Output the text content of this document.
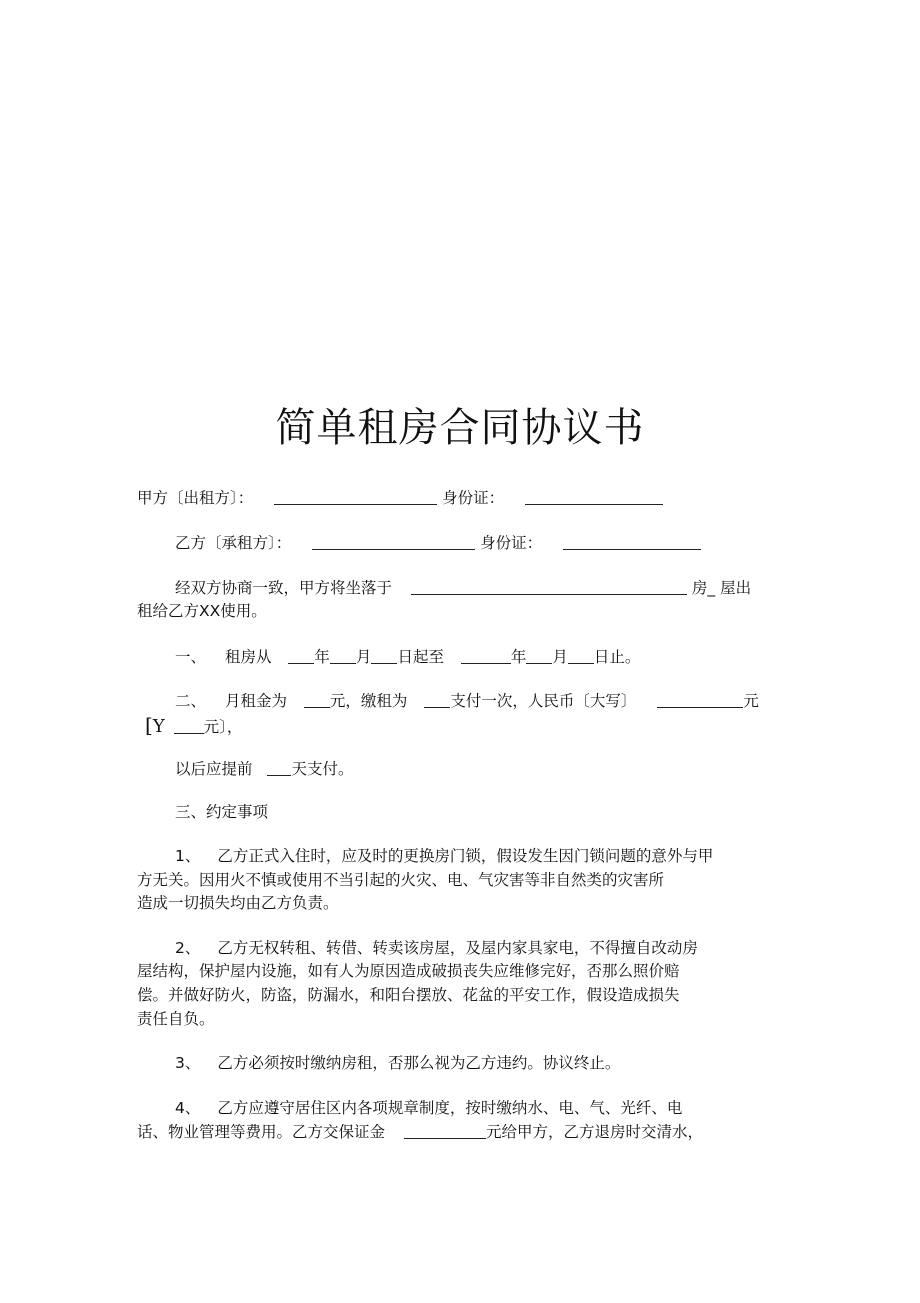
简单租房合同协议书
甲方〔出租方〕：	身份证：
乙方〔承租方〕：	身份证：
经双方协商一致，甲方将坐落于	房_ 屋出
租给乙方XX使用。
一、 租房从	年 月 日起至	年 月 日止。
二、 月租金为	元，缴租为	支付一次，人民币〔大写〕	元
[Y	元〕，
以后应提前	天支付。
三、约定事项
1、 乙方正式入住时，应及时的更换房门锁，假设发生因门锁问题的意外与甲
方无关。因用火不慎或使用不当引起的火灾、电、气灾害等非自然类的灾害所
造成一切损失均由乙方负责。
2、 乙方无权转租、转借、转卖该房屋，及屋内家具家电，不得擅自改动房
屋结构，保护屋内设施，如有人为原因造成破损丧失应维修完好，否那么照价赔
偿。并做好防火，防盗，防漏水，和阳台摆放、花盆的平安工作，假设造成损失
责任自负。
3、 乙方必须按时缴纳房租，否那么视为乙方违约。协议终止。
4、 乙方应遵守居住区内各项规章制度，按时缴纳水、电、气、光纤、电
话、物业管理等费用。乙方交保证金	元给甲方，乙方退房时交清水，
